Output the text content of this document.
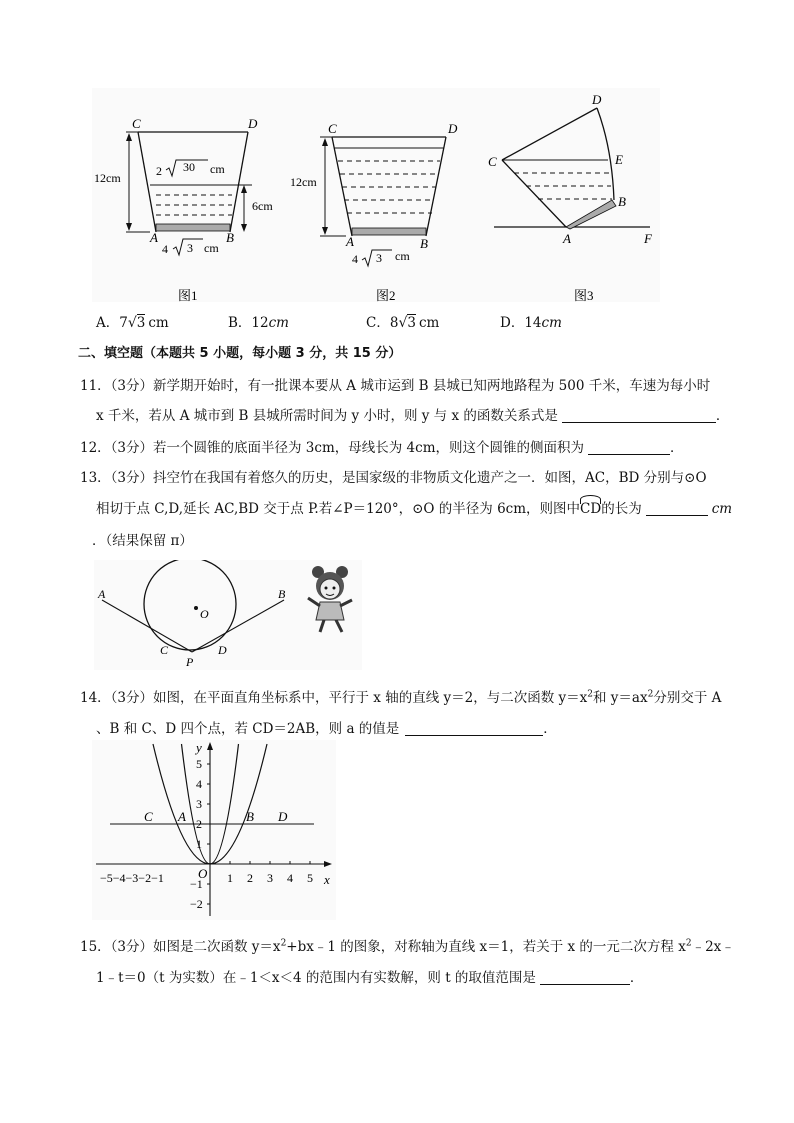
12cm	2 30 cm
6cm
4 3 cm
C	D
A	B
图1
12cm
4 3 cm
C	D
A	B
图2
D
C	E
B
A	F
图3
A．7√3 cm	B．12cm	C．8√3 cm	D．14cm
二、填空题（本题共 5 小题，每小题 3 分，共 15 分）
11．（3分）新学期开始时，有一批课本要从 A 城市运到 B 县城已知两地路程为 500 千米，车速为每小时
x 千米，若从 A 城市到 B 县城所需时间为 y 小时，则 y 与 x 的函数关系式是	．
12．（3分）若一个圆锥的底面半径为 3cm，母线长为 4cm，则这个圆锥的侧面积为	．
13．（3分）抖空竹在我国有着悠久的历史，是国家级的非物质文化遗产之一．如图，AC，BD 分别与⊙O
相切于点 C,D,延长 AC,BD 交于点 P.若∠P＝120°，⊙O 的半径为 6cm，则图中
CD的长为	cm
．（结果保留 π）
A	B
O
C	D
P
14．（3分）如图，在平面直角坐标系中，平行于 x 轴的直线 y＝2，与二次函数 $y=x^2$和 $y=ax^2$分别交于 A
、B 和 C、D 四个点，若 CD＝2AB，则 a 的值是	．
y
x
O
5
4
3
2
1
−1
−2
−5−4−3−2−1	1 2 3 4 5
C A	B D
15．（3分）如图是二次函数 $y=x^2+bx﹣1$ 的图象，对称轴为直线 x＝1，若关于 x 的一元二次方程 $x^2﹣2x﹣$
1﹣t＝0（t 为实数）在﹣1＜x＜4 的范围内有实数解，则 t 的取值范围是	．
